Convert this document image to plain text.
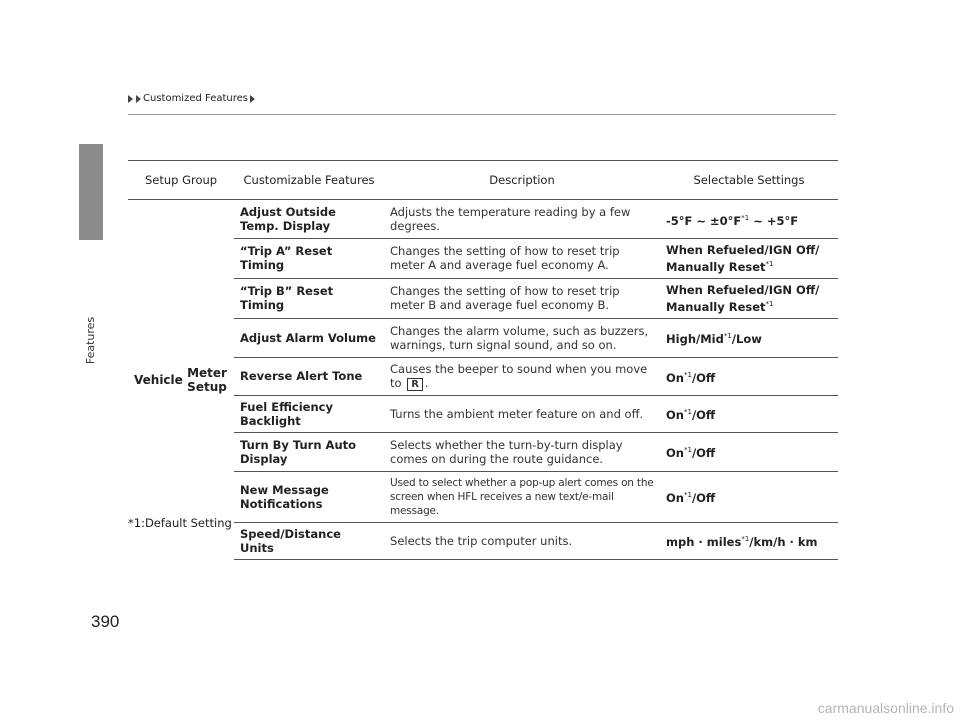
Features
Customized Features
390
Setup Group		Customizable Features	Description	Selectable Settings
Vehicle	Meter Setup	Adjust Outside Temp. Display	Adjusts the temperature reading by a few degrees.	-5°F ~ $\pm 0^\circ F^{*1}$ ~ +5°F
		“Trip A” Reset Timing	Changes the setting of how to reset trip meter A and average fuel economy A.	When Refueled/IGN Off/
Manually Reset$^{*1}$
		“Trip B” Reset Timing	Changes the setting of how to reset trip meter B and average fuel economy B.	When Refueled/IGN Off/
Manually Reset$^{*1}$
		Adjust Alarm Volume	Changes the alarm volume, such as buzzers, warnings, turn signal sound, and so on.	High/Mid$^{*1}$/Low
		Reverse Alert Tone	Causes the beeper to sound when you move to R .	On$^{*1}$/Off
		Fuel Efficiency Backlight	Turns the ambient meter feature on and off.	On$^{*1}$/Off
		Turn By Turn Auto Display	Selects whether the turn-by-turn display comes on during the route guidance.	On$^{*1}$/Off
		New Message Notifications	Used to select whether a pop-up alert comes on the screen when HFL receives a new text/e-mail message.	On$^{*1}$/Off
		Speed/Distance Units	Selects the trip computer units.	mph · miles$^{*1}$/km/h · km
*1:Default Setting
carmanualsonline.info
